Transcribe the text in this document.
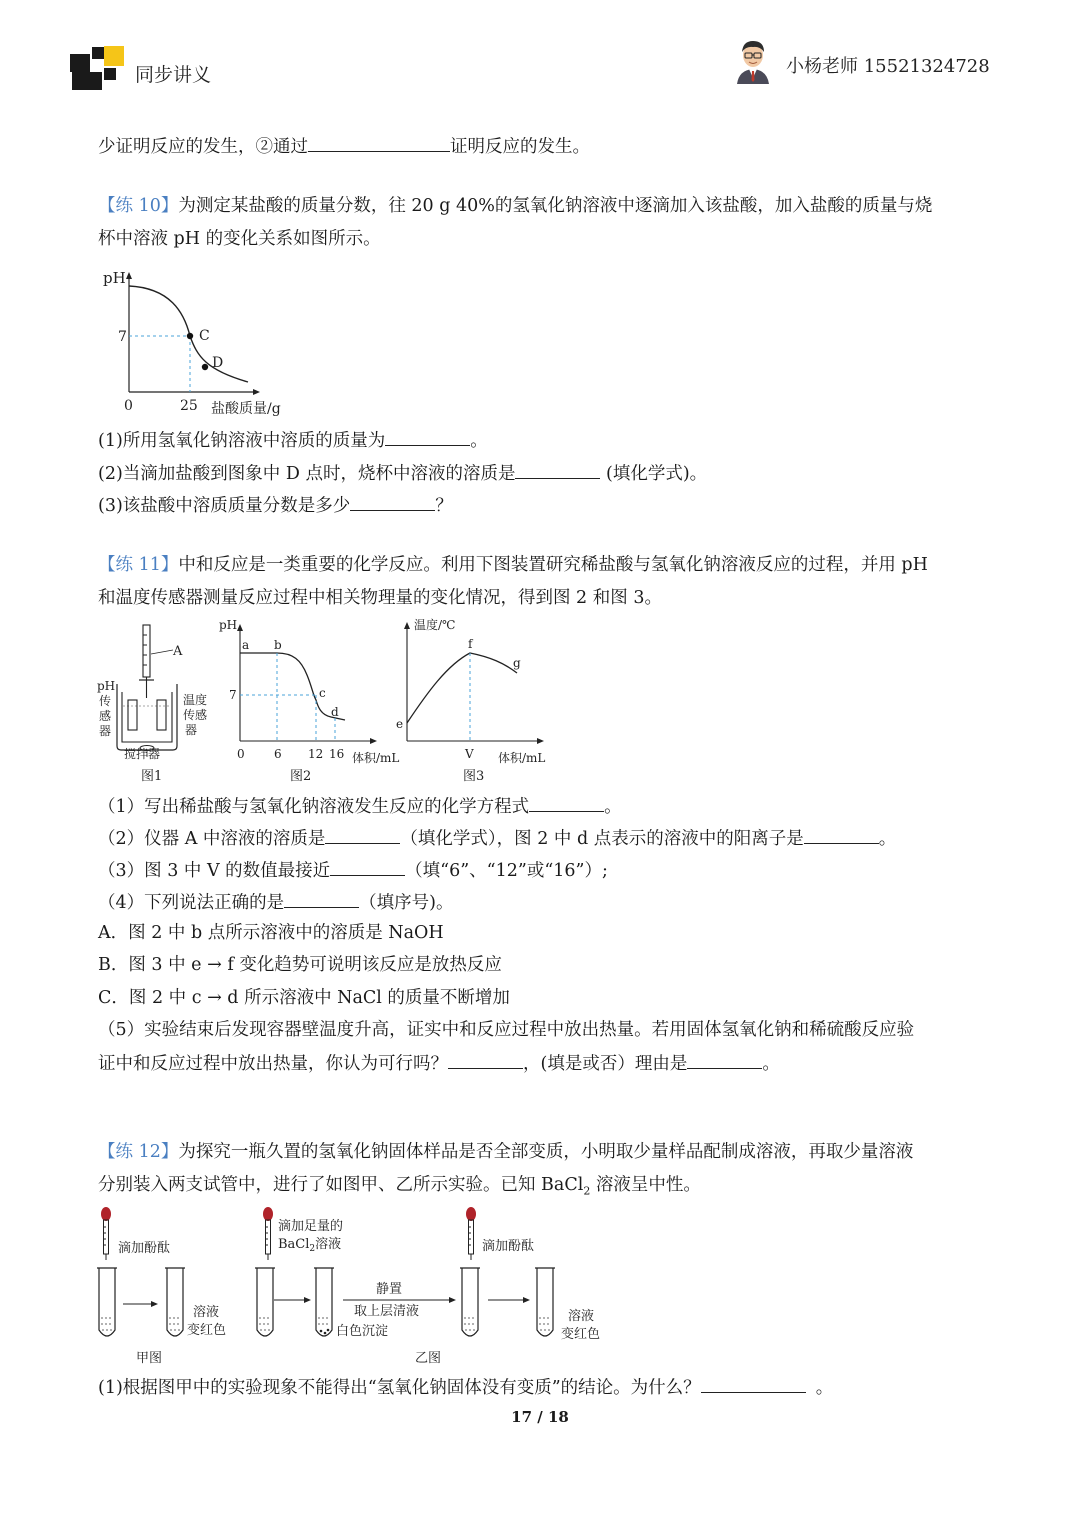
同步讲义	小杨老师 15521324728
少证明反应的发生，②通过	证明反应的发生。
【练 10】为测定某盐酸的质量分数，往 20 g 40%的氢氧化钠溶液中逐滴加入该盐酸，加入盐酸的质量与烧
杯中溶液 pH 的变化关系如图所示。
pH
7	C
D
0	25 盐酸质量/g
(1)所用氢氧化钠溶液中溶质的质量为	。
(2)当滴加盐酸到图象中 D 点时，烧杯中溶液的溶质是	(填化学式)。
(3)该盐酸中溶质质量分数是多少	？
【练 11】中和反应是一类重要的化学反应。利用下图装置研究稀盐酸与氢氧化钠溶液反应的过程，并用 pH
和温度传感器测量反应过程中相关物理量的变化情况，得到图 2 和图 3。
A
pH
传
感
器
温度
传感
器
搅拌器
图1
pH
7
a b
c
d
0 6 12 16 体积/mL
图2
温度/℃
e
f
g
V 体积/mL
图3
（1）写出稀盐酸与氢氧化钠溶液发生反应的化学方程式	。
（2）仪器 A 中溶液的溶质是	（填化学式），图 2 中 d 点表示的溶液中的阳离子是	。
（3）图 3 中 V 的数值最接近	（填“6”、“12”或“16”）;
（4）下列说法正确的是	（填序号)。
A．图 2 中 b 点所示溶液中的溶质是 NaOH
B．图 3 中 e → f 变化趋势可说明该反应是放热反应
C．图 2 中 c → d 所示溶液中 NaCl 的质量不断增加
（5）实验结束后发现容器壁温度升高，证实中和反应过程中放出热量。若用固体氢氧化钠和稀硫酸反应验
证中和反应过程中放出热量，你认为可行吗？	，(填是或否）理由是	。
【练 12】为探究一瓶久置的氢氧化钠固体样品是否全部变质，小明取少量样品配制成溶液，再取少量溶液
分别装入两支试管中，进行了如图甲、乙所示实验。已知 BaCl$_2$ 溶液呈中性。
滴加酚酞
滴加足量的
BaCl$_2$溶液	滴加酚酞
溶液
变红色	白色沉淀
静置
取上层清液	溶液
变红色
甲图	乙图
(1)根据图甲中的实验现象不能得出“氢氧化钠固体没有变质”的结论。为什么？	。
17 / 18
